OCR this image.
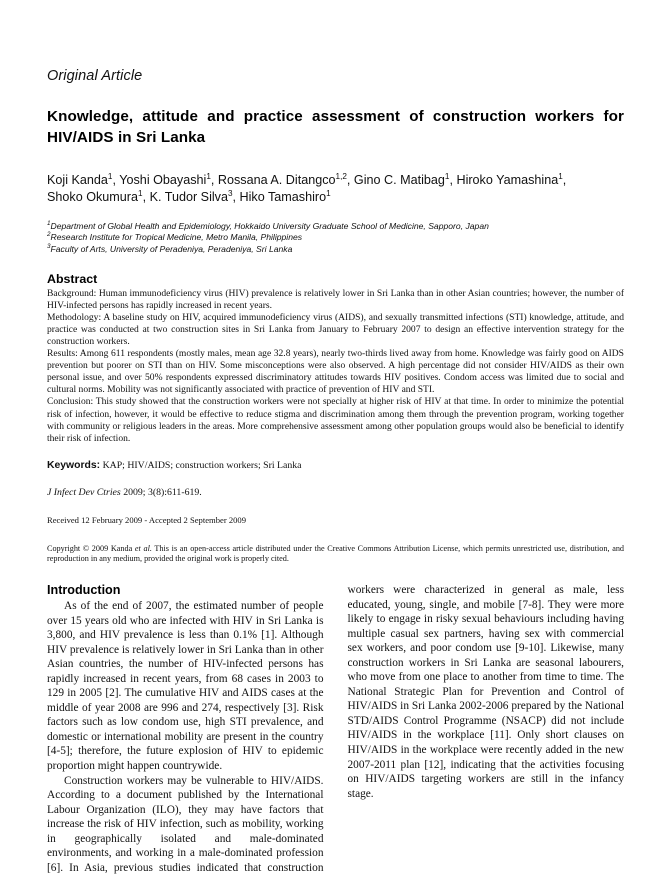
Original Article
Knowledge, attitude and practice assessment of construction workers for HIV/AIDS in Sri Lanka
Koji Kanda$^1$, Yoshi Obayashi$^1$, Rossana A. Ditangco$^{1,2}$, Gino C. Matibag$^1$, Hiroko Yamashina$^1$,
Shoko Okumura$^1$, K. Tudor Silva$^3$, Hiko Tamashiro$^1$
$^1$Department of Global Health and Epidemiology, Hokkaido University Graduate School of Medicine, Sapporo, Japan
$^2$Research Institute for Tropical Medicine, Metro Manila, Philippines
$^3$Faculty of Arts, University of Peradeniya, Peradeniya, Sri Lanka
Abstract

Background: Human immunodeficiency virus (HIV) prevalence is relatively lower in Sri Lanka than in other Asian countries; however, the number of HIV-infected persons has rapidly increased in recent years.

Methodology: A baseline study on HIV, acquired immunodeficiency virus (AIDS), and sexually transmitted infections (STI) knowledge, attitude, and practice was conducted at two construction sites in Sri Lanka from January to February 2007 to design an effective intervention strategy for the construction workers.

Results: Among 611 respondents (mostly males, mean age 32.8 years), nearly two-thirds lived away from home. Knowledge was fairly good on AIDS prevention but poorer on STI than on HIV. Some misconceptions were also observed. A high percentage did not consider HIV/AIDS as their own personal issue, and over 50% respondents expressed discriminatory attitudes towards HIV positives. Condom access was limited due to social and cultural norms. Mobility was not significantly associated with practice of prevention of HIV and STI.

Conclusion: This study showed that the construction workers were not specially at higher risk of HIV at that time. In order to minimize the potential risk of infection, however, it would be effective to reduce stigma and discrimination among them through the prevention program, working together with community or religious leaders in the areas. More comprehensive assessment among other population groups would also be beneficial to identify their risk of infection.

Keywords: KAP; HIV/AIDS; construction workers; Sri Lanka
J Infect Dev Ctries 2009; 3(8):611-619.
Received 12 February 2009 - Accepted 2 September 2009
Copyright © 2009 Kanda et al. This is an open-access article distributed under the Creative Commons Attribution License, which permits unrestricted use, distribution, and reproduction in any medium, provided the original work is properly cited.
Introduction

As of the end of 2007, the estimated number of people over 15 years old who are infected with HIV in Sri Lanka is 3,800, and HIV prevalence is less than 0.1% [1]. Although HIV prevalence is relatively lower in Sri Lanka than in other Asian countries, the number of HIV-infected persons has rapidly increased in recent years, from 68 cases in 2003 to 129 in 2005 [2]. The cumulative HIV and AIDS cases at the middle of year 2008 are 996 and 274, respectively [3]. Risk factors such as low condom use, high STI prevalence, and domestic or international mobility are present in the country [4-5]; therefore, the future explosion of HIV to epidemic proportion might happen countrywide.

Construction workers may be vulnerable to HIV/AIDS. According to a document published by the International Labour Organization (ILO), they may have factors that increase the risk of HIV infection, such as mobility, working in geographically isolated and male-dominated environments, and working in a male-dominated profession [6]. In Asia, previous studies indicated that construction workers were characterized in general as male, less educated, young, single, and mobile [7-8]. They were more likely to engage in risky sexual behaviours including having multiple casual sex partners, having sex with commercial sex workers, and poor condom use [9-10]. Likewise, many construction workers in Sri Lanka are seasonal labourers, who move from one place to another from time to time. The National Strategic Plan for Prevention and Control of HIV/AIDS in Sri Lanka 2002-2006 prepared by the National STD/AIDS Control Programme (NSACP) did not include HIV/AIDS in the workplace [11]. Only short clauses on HIV/AIDS in the workplace were recently added in the new 2007-2011 plan [12], indicating that the activities focusing on HIV/AIDS targeting workers are still in the infancy stage.
